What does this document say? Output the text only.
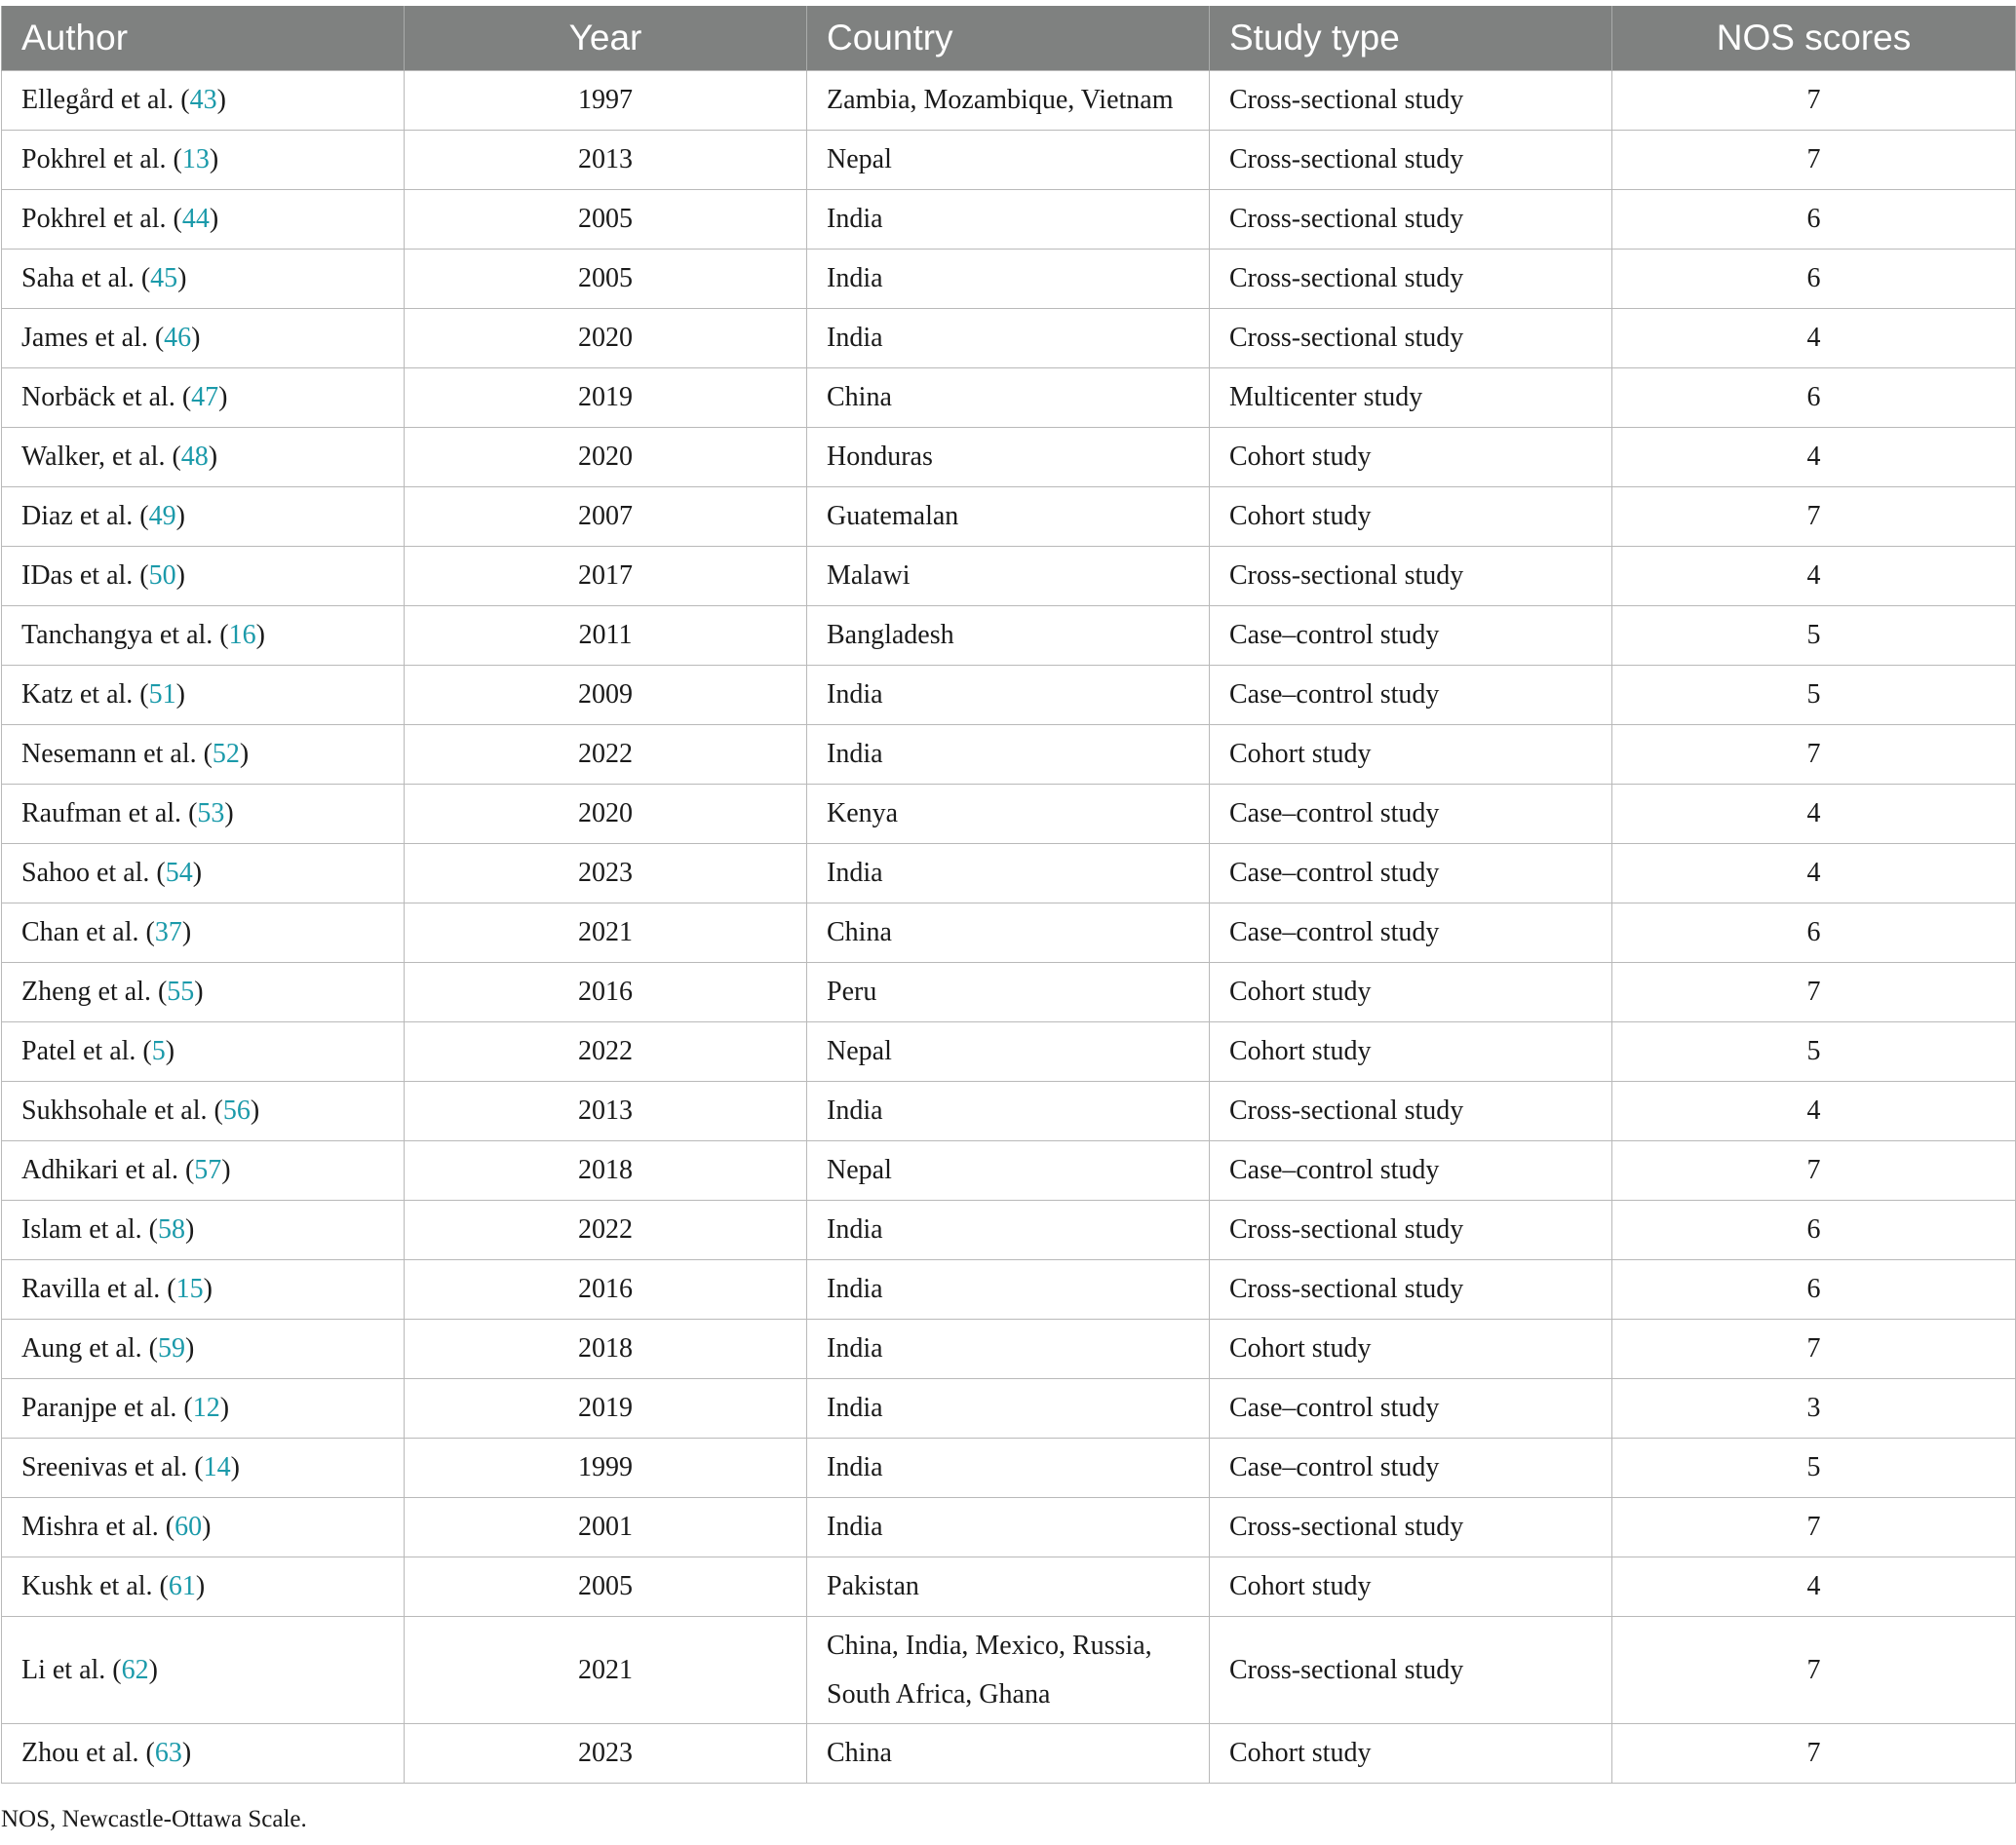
Author	Year	Country	Study type	NOS scores
Ellegård et al. (43)	1997	Zambia, Mozambique, Vietnam	Cross-sectional study	7
Pokhrel et al. (13)	2013	Nepal	Cross-sectional study	7
Pokhrel et al. (44)	2005	India	Cross-sectional study	6
Saha et al. (45)	2005	India	Cross-sectional study	6
James et al. (46)	2020	India	Cross-sectional study	4
Norbäck et al. (47)	2019	China	Multicenter study	6
Walker, et al. (48)	2020	Honduras	Cohort study	4
Diaz et al. (49)	2007	Guatemalan	Cohort study	7
IDas et al. (50)	2017	Malawi	Cross-sectional study	4
Tanchangya et al. (16)	2011	Bangladesh	Case–control study	5
Katz et al. (51)	2009	India	Case–control study	5
Nesemann et al. (52)	2022	India	Cohort study	7
Raufman et al. (53)	2020	Kenya	Case–control study	4
Sahoo et al. (54)	2023	India	Case–control study	4
Chan et al. (37)	2021	China	Case–control study	6
Zheng et al. (55)	2016	Peru	Cohort study	7
Patel et al. (5)	2022	Nepal	Cohort study	5
Sukhsohale et al. (56)	2013	India	Cross-sectional study	4
Adhikari et al. (57)	2018	Nepal	Case–control study	7
Islam et al. (58)	2022	India	Cross-sectional study	6
Ravilla et al. (15)	2016	India	Cross-sectional study	6
Aung et al. (59)	2018	India	Cohort study	7
Paranjpe et al. (12)	2019	India	Case–control study	3
Sreenivas et al. (14)	1999	India	Case–control study	5
Mishra et al. (60)	2001	India	Cross-sectional study	7
Kushk et al. (61)	2005	Pakistan	Cohort study	4
Li et al. (62)	2021	China, India, Mexico, Russia, South Africa, Ghana	Cross-sectional study	7
Zhou et al. (63)	2023	China	Cohort study	7

NOS, Newcastle-Ottawa Scale.
